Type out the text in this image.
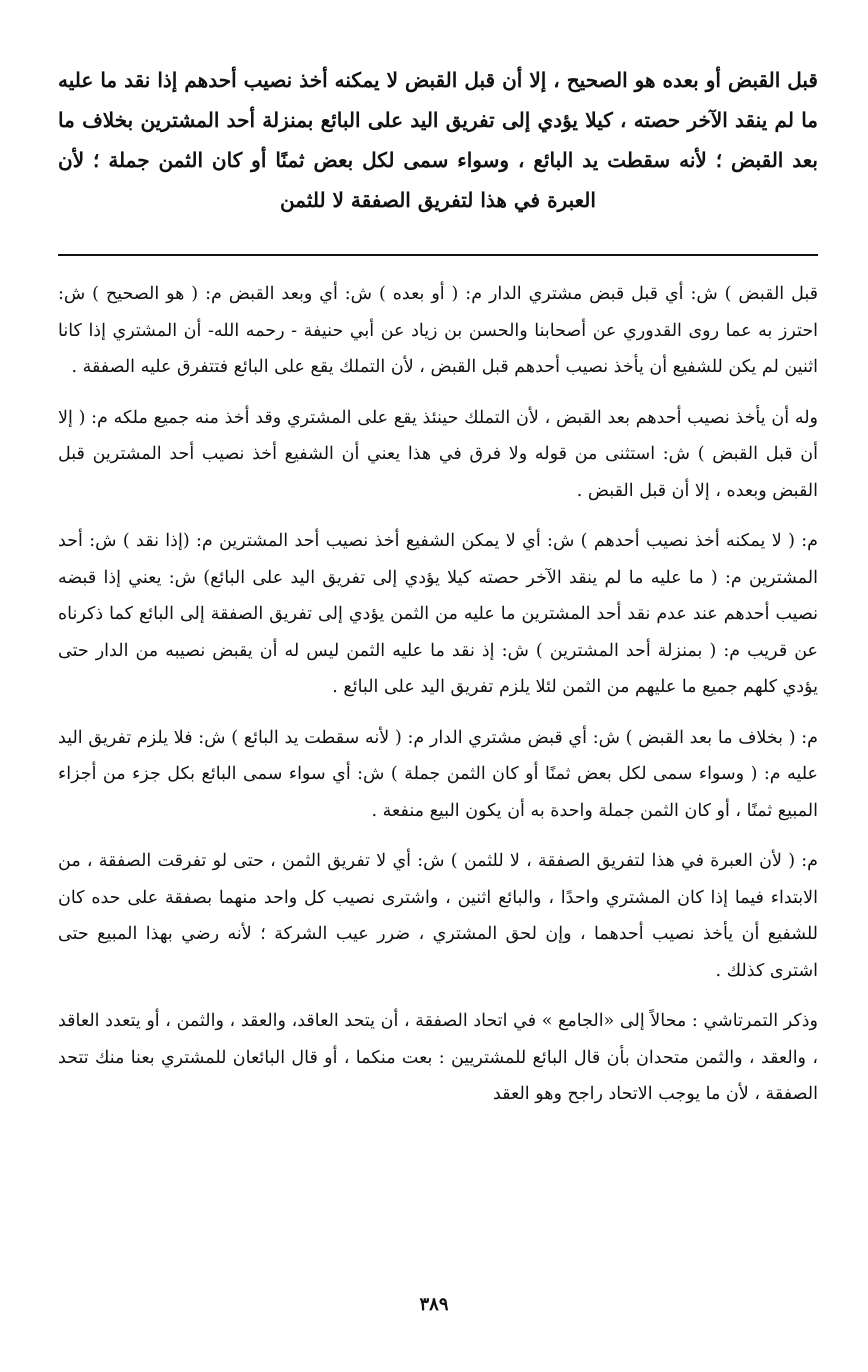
قبل القبض أو بعده هو الصحيح ، إلا أن قبل القبض لا يمكنه أخذ نصيب أحدهم إذا نقد ما عليه ما لم ينقد الآخر حصته ، كيلا يؤدي إلى تفريق اليد على البائع بمنزلة أحد المشترين بخلاف ما بعد القبض ؛ لأنه سقطت يد البائع ، وسواء سمى لكل بعض ثمنًا أو كان الثمن جملة ؛ لأن العبرة في هذا لتفريق الصفقة لا للثمن

قبل القبض ) ش: أي قبل قبض مشتري الدار م: ( أو بعده ) ش: أي وبعد القبض م: ( هو الصحيح ) ش: احترز به عما روى القدوري عن أصحابنا والحسن بن زياد عن أبي حنيفة - رحمه الله- أن المشتري إذا كانا اثنين لم يكن للشفيع أن يأخذ نصيب أحدهم قبل القبض ، لأن التملك يقع على البائع فتتفرق عليه الصفقة .

وله أن يأخذ نصيب أحدهم بعد القبض ، لأن التملك حينئذ يقع على المشتري وقد أخذ منه جميع ملكه م: ( إلا أن قبل القبض ) ش: استثنى من قوله ولا فرق في هذا يعني أن الشفيع أخذ نصيب أحد المشترين قبل القبض وبعده ، إلا أن قبل القبض .

م: ( لا يمكنه أخذ نصيب أحدهم ) ش: أي لا يمكن الشفيع أخذ نصيب أحد المشترين م: (إذا نقد ) ش: أحد المشترين م: ( ما عليه ما لم ينقد الآخر حصته كيلا يؤدي إلى تفريق اليد على البائع) ش: يعني إذا قبضه نصيب أحدهم عند عدم نقد أحد المشترين ما عليه من الثمن يؤدي إلى تفريق الصفقة إلى البائع كما ذكرناه عن قريب م: ( بمنزلة أحد المشترين ) ش: إذ نقد ما عليه الثمن ليس له أن يقبض نصيبه من الدار حتى يؤدي كلهم جميع ما عليهم من الثمن لئلا يلزم تفريق اليد على البائع .

م: ( بخلاف ما بعد القبض ) ش: أي قبض مشتري الدار م: ( لأنه سقطت يد البائع ) ش: فلا يلزم تفريق اليد عليه م: ( وسواء سمى لكل بعض ثمنًا أو كان الثمن جملة ) ش: أي سواء سمى البائع بكل جزء من أجزاء المبيع ثمنًا ، أو كان الثمن جملة واحدة به أن يكون البيع منفعة .

م: ( لأن العبرة في هذا لتفريق الصفقة ، لا للثمن ) ش: أي لا تفريق الثمن ، حتى لو تفرقت الصفقة ، من الابتداء فيما إذا كان المشتري واحدًا ، والبائع اثنين ، واشترى نصيب كل واحد منهما بصفقة على حده كان للشفيع أن يأخذ نصيب أحدهما ، وإن لحق المشتري ، ضرر عيب الشركة ؛ لأنه رضي بهذا المبيع حتى اشترى كذلك .

وذكر التمرتاشي : محالاً إلى «الجامع » في اتحاد الصفقة ، أن يتحد العاقد، والعقد ، والثمن ، أو يتعدد العاقد ، والعقد ، والثمن متحدان بأن قال البائع للمشتريين : بعت منكما ، أو قال البائعان للمشتري بعنا منك تتحد الصفقة ، لأن ما يوجب الاتحاد راجح وهو العقد

٣٨٩
